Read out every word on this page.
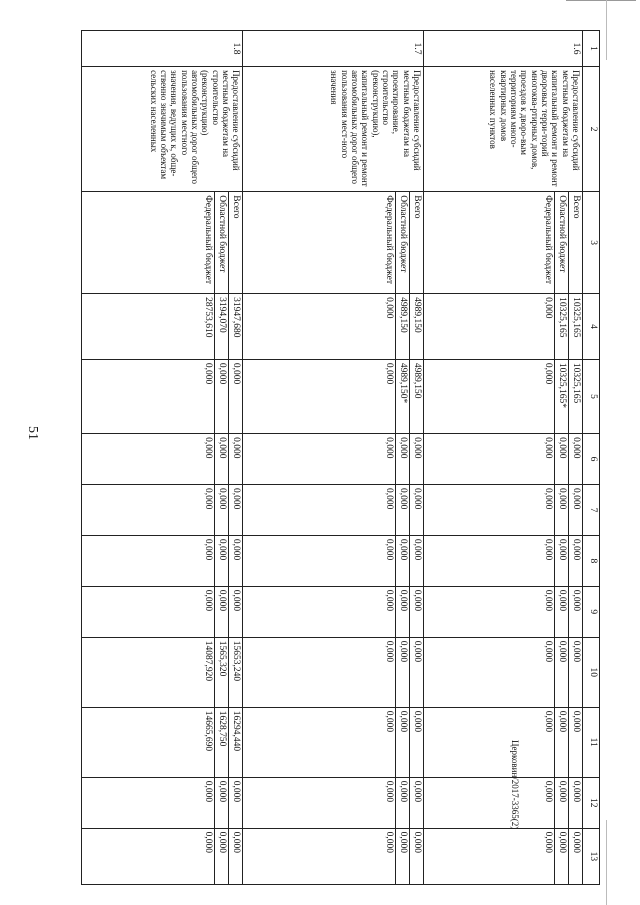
51
Церковин/2017-3365(2)
1	2	3	4	5	6	7	8	9	10	11	12	13
1.6	Предоставление субсидий местным бюджетам на капитальный ремонт и ремонт дворовых терри-торий многоква-ртирных домов, проездов к дворо-вым территориям много-квартирных домов населенных пунктов	Всего	10325,165	10325,165	0,000	0,000	0,000	0,000	0,000	0,000	0,000	0,000
		Областной бюджет	10325,165	10325,165*	0,000	0,000	0,000	0,000	0,000	0,000	0,000	0,000
		Федеральный бюджет	0,000	0,000	0,000	0,000	0,000	0,000	0,000	0,000	0,000	0,000
1.7	Предоставление субсидий местным бюджетам на проектирование, строительство (реконструкцию), капитальный ремонт и ремонт автомобильных дорог общего пользования мест-ного значения	Всего	4989,150	4989,150	0,000	0,000	0,000	0,000	0,000	0,000	0,000	0,000
		Областной бюджет	4989,150	4989,150*	0,000	0,000	0,000	0,000	0,000	0,000	0,000	0,000
		Федеральный бюджет	0,000	0,000	0,000	0,000	0,000	0,000	0,000	0,000	0,000	0,000
1.8	Предоставление субсидий местным бюджетам на строительство (реконструкцию) автомобильных дорог общего пользования местного значения, ведущих к, обще-ственно значимым объектам сельских населенных	Всего	31947,680	0,000	0,000	0,000	0,000	0,000	15653,240	16294,440	0,000	0,000
		Областной бюджет	3194,070	0,000	0,000	0,000	0,000	0,000	1565,320	1628,750	0,000	0,000
		Федеральный бюджет	28753,610	0,000	0,000	0,000	0,000	0,000	14087,920	14665,690	0,000	0,000
